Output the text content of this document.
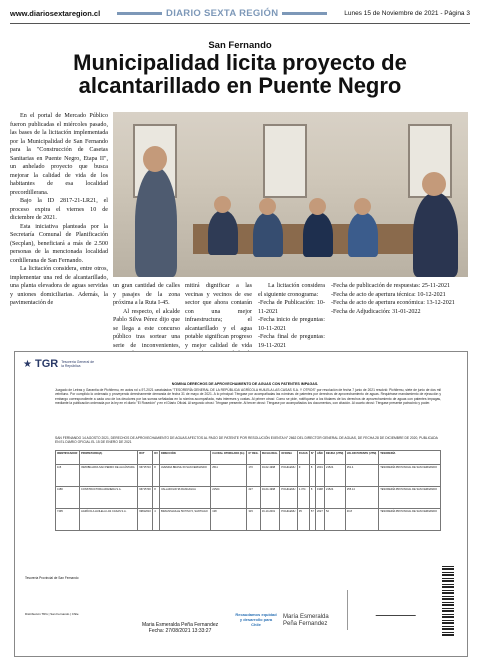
www.diariosextaregion.cl	DIARIO SEXTA REGIÓN	Lunes 15 de Noviembre de 2021 - Página 3
San Fernando
Municipalidad licita proyecto de alcantarillado en Puente Negro

En el portal de Mercado Público fueron publicadas el miércoles pasado, las bases de la licitación implementada por la Municipalidad de San Fernando para la "Construcción de Casetas Sanitarias en Puente Negro, Etapa II", un anhelado proyecto que busca mejorar la calidad de vida de los habitantes de esa localidad precordillerana.

Bajo la ID 2817-21-LR21, el proceso expira el viernes 10 de diciembre de 2021.

Esta iniciativa planteada por la Secretaría Comunal de Planificación (Secplan), beneficiará a más de 2.500 personas de la mencionada localidad cordillerana de San Fernando.

La licitación considera, entre otros, implementar una red de alcantarillado, una planta elevadora de aguas servidas y uniones domiciliarias. Además, la pavimentación de

un gran cantidad de calles y pasajes de la zona próxima a la Ruta I-45.

Al respecto, el alcalde Pablo Silva Pérez dijo que se llega a este concurso público tras sortear una serie de inconvenientes,

mitirá dignificar a las vecinas y vecinos de ese sector que ahora contarán con una mejor infraestructura; el alcantarillado y el agua potable significan progreso y mejor calidad de vida

La licitación considera el siguiente cronograma:

-Fecha de Publicación: 10-11-2021

-Fecha inicio de preguntas: 10-11-2021

-Fecha final de preguntas: 19-11-2021

-Fecha de publicación de respuestas: 25-11-2021

-Fecha de acto de apertura técnica: 10-12-2021

-Fecha de acto de apertura económica: 13-12-2021

-Fecha de Adjudicación: 31-01-2022

★ TGR Tesorería General de la República
NOMINA DERECHOS DE APROVECHAMIENTO DE AGUAS CON PATENTES IMPAGAS.
Juzgado de Letras y Garantía de Pichilemu, en autos rol c-97-2021 caratulados "TESORERÍA GENERAL DE LA REPÚBLICA/ AGRÍCOLA HUILELA LAS CASAS S.A. Y OTROS" por resolución de fecha 7 junio de 2021 resolvió: Pichilemu, siete de junio de dos mil veintiuno. Por cumplido lo ordenado y proveyendo derechamente demanda de fecha 31 de mayo de 2021. A lo principal: Téngase por acompañadas las nóminas de patentes por derechos de aprovechamiento de aguas. Requiérase mandamiento de ejecución y embargo correspondiente a cada uno de los deudores por las sumas señaladas en la nómina acompañada, más intereses y costas. Al primer otrosí: Como se pide, notifíquese a los titulares de los derechos de aprovechamiento de aguas con patentes impagas, mediante la publicación ordenada por la ley en el diario "El Rosedón" y en el Diario Oficial. Al segundo otrosí: Téngase presente. Al tercer otrosí: Téngase por acompañados los documentos, con citación. Al cuarto otrosí: Téngase presente patrocinio y poder.
SAN FERNANDO 14 AGOSTO 2021, DERECHOS DE APROVECHAMIENTO DE AGUAS AFECTOS AL PAGO DE PATENTE POR RESOLUCIÓN EXENTA N° 2662 DEL DIRECTOR GENERAL DE AGUAS, DE FECHA 28 DE DICIEMBRE DE 2020, PUBLICADA EN EL DIARIO OFICIAL EL 15 DE ENERO DE 2021
IDENTIFICADOR	PROPIETARIO(A)	RUT	DV	DIRECCIÓN	CAUDAL OTORGADO (l/s)	N° REG.	FECHA REG.	OFICINA	FOJAS	N°	AÑO	DEUDA (UTM)	VALOR PATENTE (UTM)	TESORERÍA
115	INMOBILIARIA SAN PEDRO DE ALCÁNTARA	96715710	8	AVENIDA BRASIL 69 SAN FERNANDO	2511	170	04-02-1998	PICHILEMU	9	8	2001	21524	251.4	TESORERÍA PROVINCIAL DE SAN FERNANDO
4186	CONSTRUCTORA ARANEDA S.A.	96715730	8	VALLADOLID 96 RANCAGUA	21524	227	04-04-1998	PICHILEMU	1.374	8	1998	21524	255.14	TESORERÍA PROVINCIAL DE SAN FERNANDO
7495	AGRÍCOLA HUILELA LAS CASAS S.A.	99812610	4	BRAUNSHULLE 56 PISO 5, SANTIAGO	138	315	16-10-2001	PICHILEMU	35	57	2027	52	46.8	TESORERÍA PROVINCIAL DE SAN FERNANDO
Tesorería Provincial de San Fernando
Distribución TRG | San Fernando | Chile
Maria Esmeralda Peña Fernandez
Fecha: 27/08/2021 13:33:27
Recaudamos equidad y desarrollo para Chile
María Esmeralda Peña Fernandez
